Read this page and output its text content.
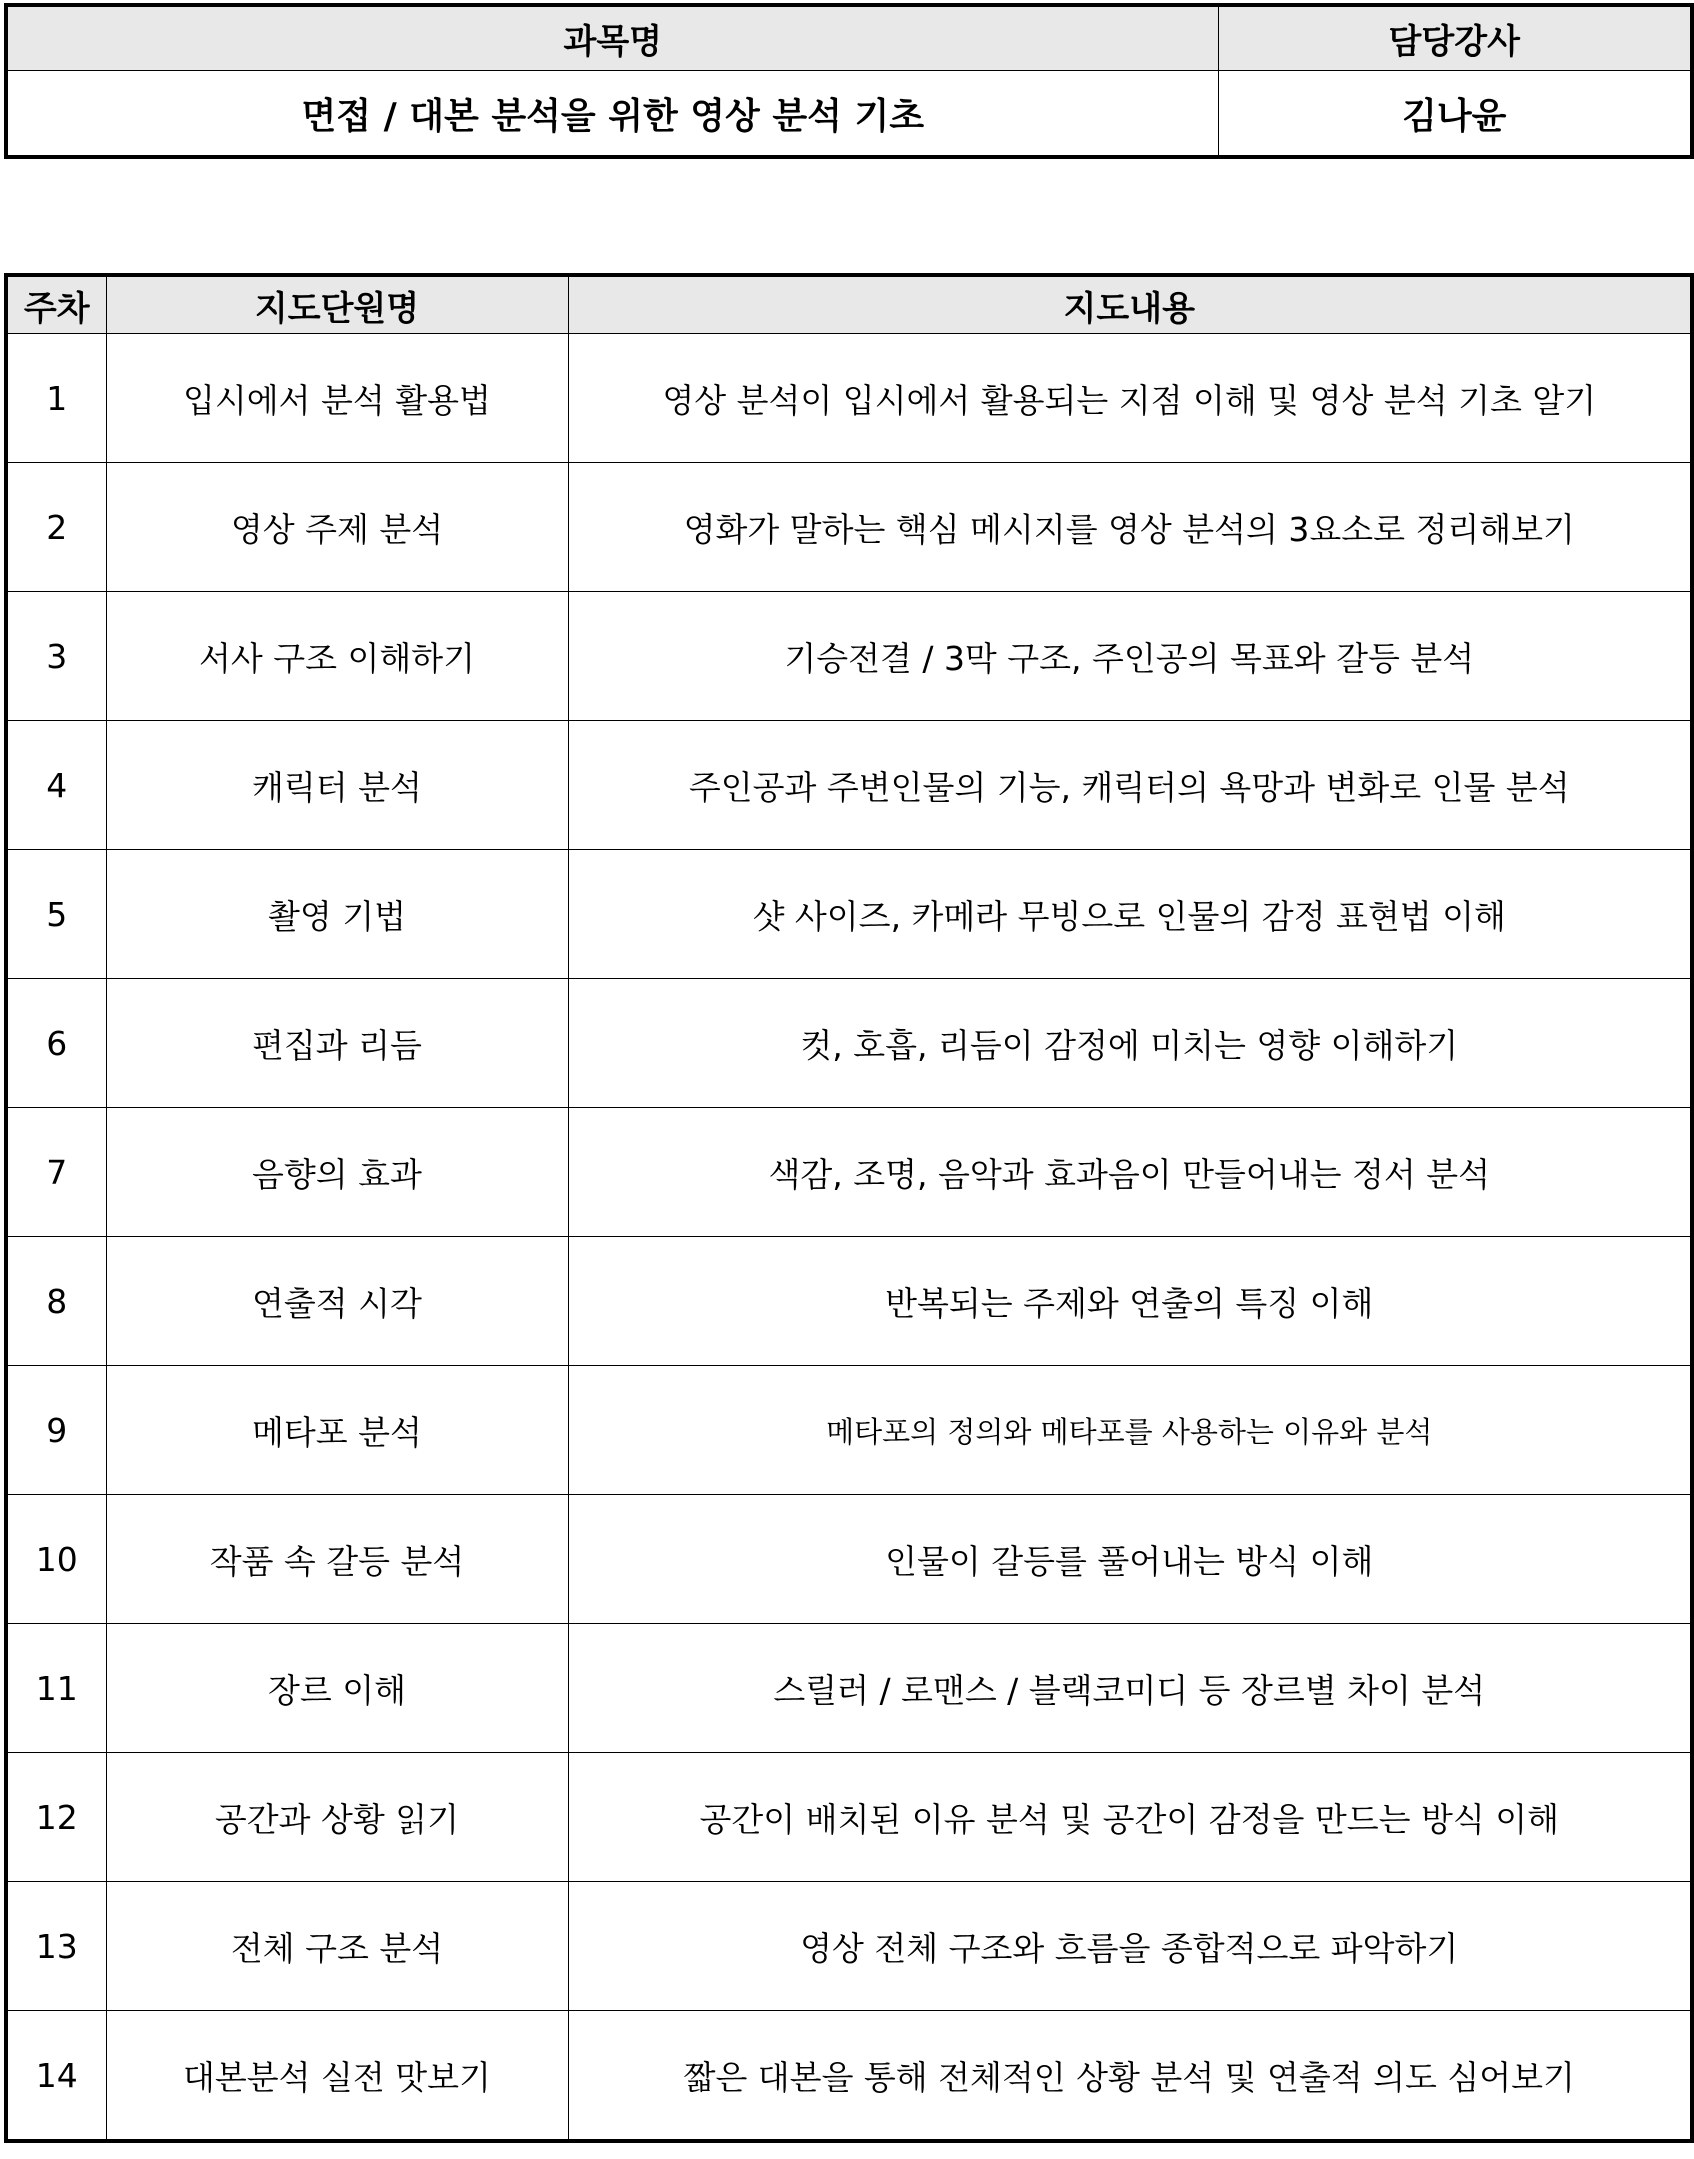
과목명	담당강사
면접 / 대본 분석을 위한 영상 분석 기초	김나윤
주차	지도단원명	지도내용
1	입시에서 분석 활용법	영상 분석이 입시에서 활용되는 지점 이해 및 영상 분석 기초 알기
2	영상 주제 분석	영화가 말하는 핵심 메시지를 영상 분석의 3요소로 정리해보기
3	서사 구조 이해하기	기승전결 / 3막 구조, 주인공의 목표와 갈등 분석
4	캐릭터 분석	주인공과 주변인물의 기능, 캐릭터의 욕망과 변화로 인물 분석
5	촬영 기법	샷 사이즈, 카메라 무빙으로 인물의 감정 표현법 이해
6	편집과 리듬	컷, 호흡, 리듬이 감정에 미치는 영향 이해하기
7	음향의 효과	색감, 조명, 음악과 효과음이 만들어내는 정서 분석
8	연출적 시각	반복되는 주제와 연출의 특징 이해
9	메타포 분석	메타포의 정의와 메타포를 사용하는 이유와 분석
10	작품 속 갈등 분석	인물이 갈등를 풀어내는 방식 이해
11	장르 이해	스릴러 / 로맨스 / 블랙코미디 등 장르별 차이 분석
12	공간과 상황 읽기	공간이 배치된 이유 분석 및 공간이 감정을 만드는 방식 이해
13	전체 구조 분석	영상 전체 구조와 흐름을 종합적으로 파악하기
14	대본분석 실전 맛보기	짧은 대본을 통해 전체적인 상황 분석 및 연출적 의도 심어보기
